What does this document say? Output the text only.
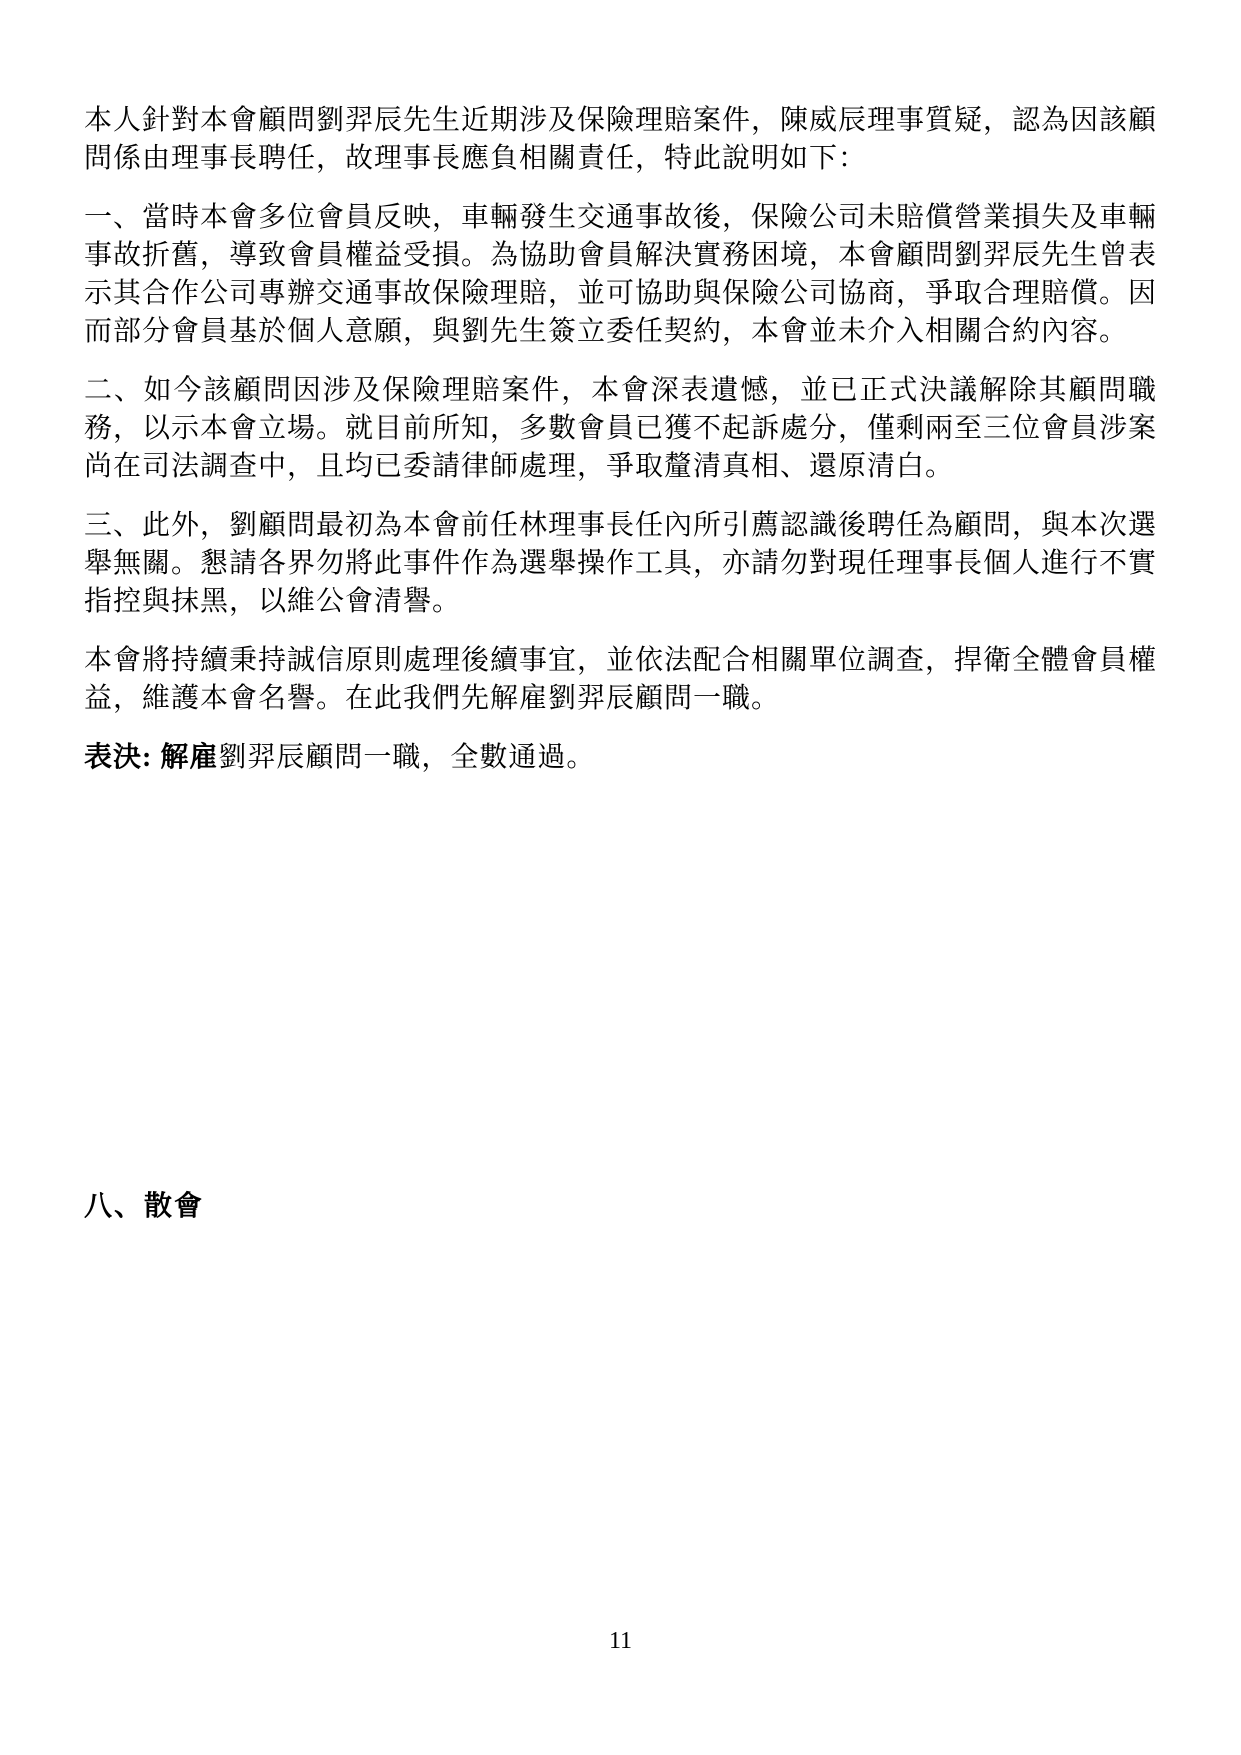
本人針對本會顧問劉羿辰先生近期涉及保險理賠案件，陳威辰理事質疑，認為因該顧問係由理事長聘任，故理事長應負相關責任，特此說明如下：

一、當時本會多位會員反映，車輛發生交通事故後，保險公司未賠償營業損失及車輛事故折舊，導致會員權益受損。為協助會員解決實務困境，本會顧問劉羿辰先生曾表示其合作公司專辦交通事故保險理賠，並可協助與保險公司協商，爭取合理賠償。因而部分會員基於個人意願，與劉先生簽立委任契約，本會並未介入相關合約內容。

二、如今該顧問因涉及保險理賠案件，本會深表遺憾，並已正式決議解除其顧問職務，以示本會立場。就目前所知，多數會員已獲不起訴處分，僅剩兩至三位會員涉案尚在司法調查中，且均已委請律師處理，爭取釐清真相、還原清白。

三、此外，劉顧問最初為本會前任林理事長任內所引薦認識後聘任為顧問，與本次選舉無關。懇請各界勿將此事件作為選舉操作工具，亦請勿對現任理事長個人進行不實指控與抹黑，以維公會清譽。

本會將持續秉持誠信原則處理後續事宜，並依法配合相關單位調查，捍衛全體會員權益，維護本會名譽。在此我們先解雇劉羿辰顧問一職。

表決: 解雇劉羿辰顧問一職，全數通過。

八、散會
11
